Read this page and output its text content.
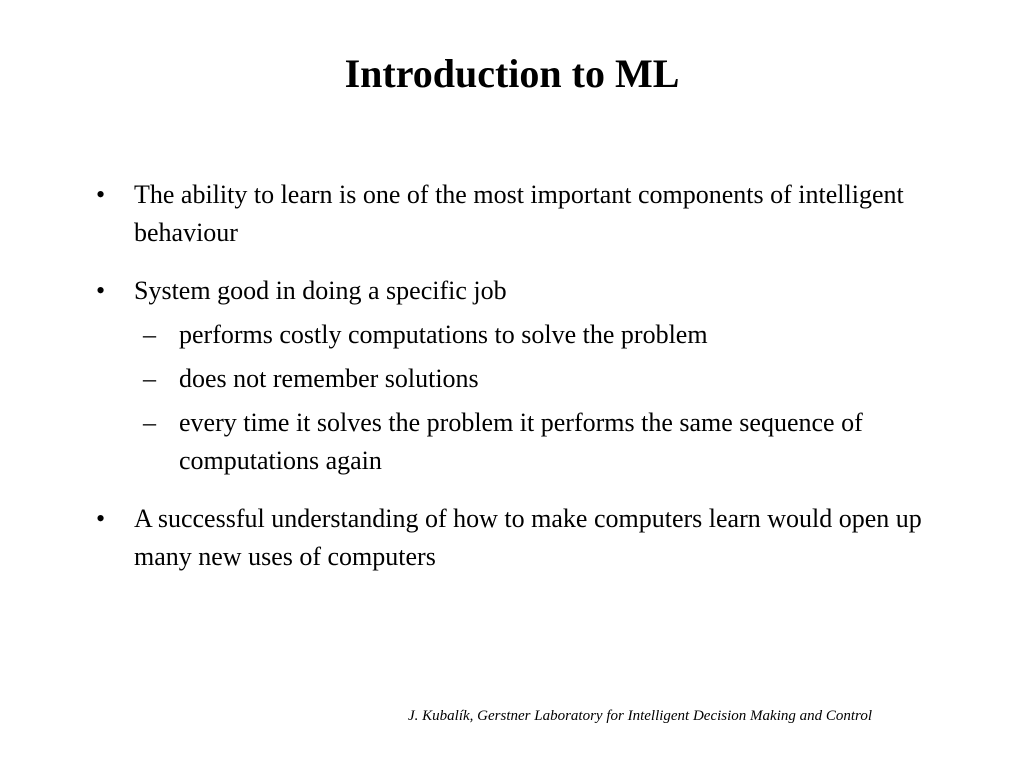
Introduction to ML
•	The ability to learn is one of the most important components of intelligent behaviour
•	System good in doing a specific job
– performs costly computations to solve the problem
– does not remember solutions
– every time it solves the problem it performs the same sequence of computations again
•	A successful understanding of how to make computers learn would open up many new uses of computers
J. Kubalík, Gerstner Laboratory for Intelligent Decision Making and Control
